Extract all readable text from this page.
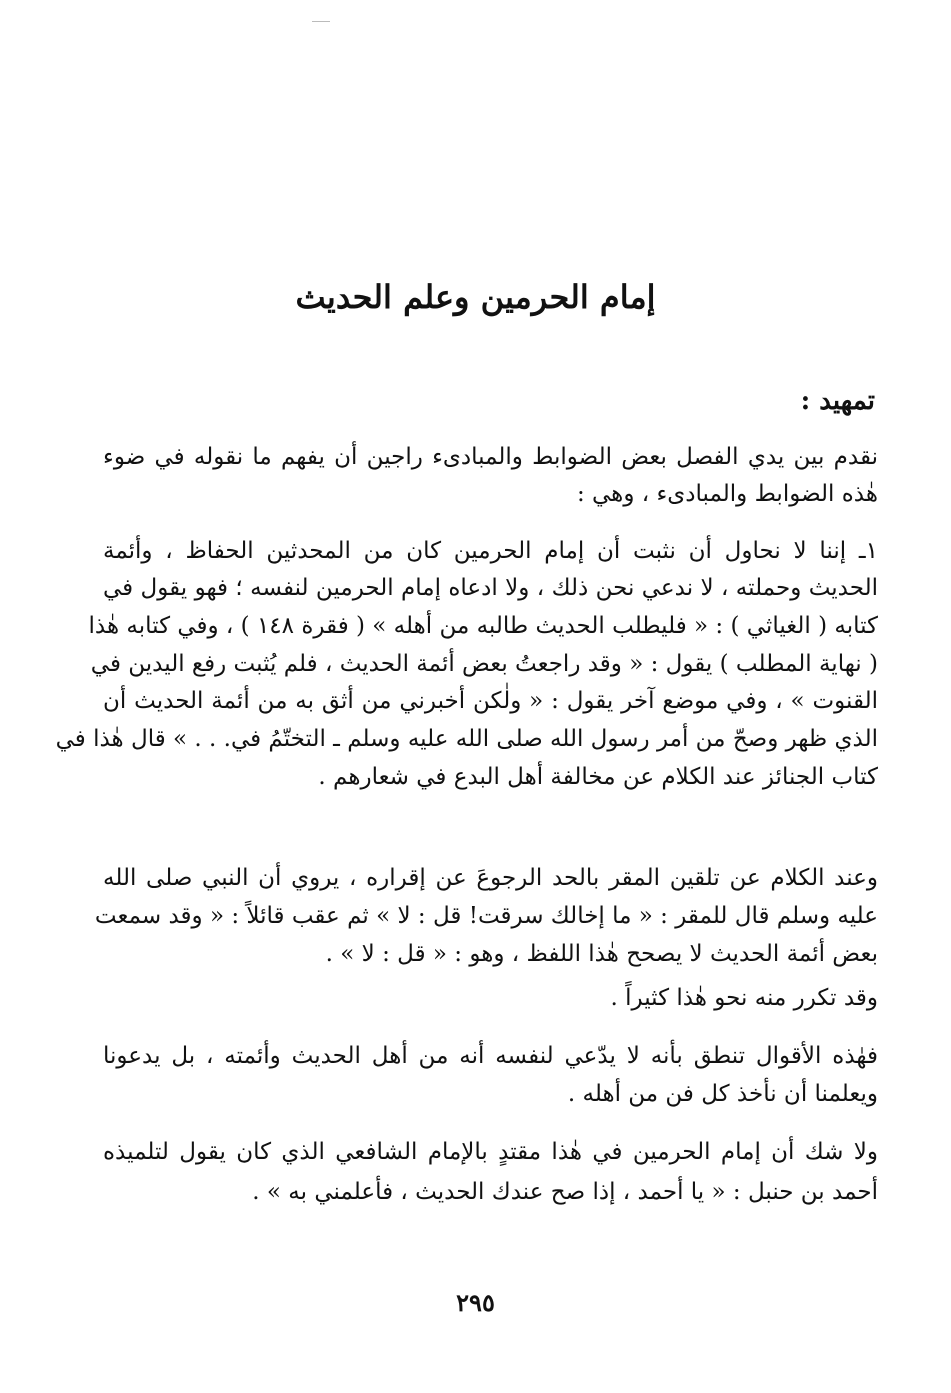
إمام الحرمين وعلم الحديث
تمهيد :
نقدم بين يدي الفصل بعض الضوابط والمبادىء راجين أن يفهم ما نقوله في ضوء
هٰذه الضوابط والمبادىء ، وهي :
١ـ إننا لا نحاول أن نثبت أن إمام الحرمين كان من المحدثين الحفاظ ، وأئمة
الحديث وحملته ، لا ندعي نحن ذلك ، ولا ادعاه إمام الحرمين لنفسه ؛ فهو يقول في
كتابه ( الغياثي ) : « فليطلب الحديث طالبه من أهله » ( فقرة ١٤٨ ) ، وفي كتابه هٰذا
( نهاية المطلب ) يقول : « وقد راجعتُ بعض أئمة الحديث ، فلم يُثبت رفع اليدين في
القنوت » ، وفي موضع آخر يقول : « ولٰكن أخبرني من أثق به من أئمة الحديث أن
الذي ظهر وصحّ من أمر رسول الله صلى الله عليه وسلم ـ التختّمُ في. . . » قال هٰذا في
كتاب الجنائز عند الكلام عن مخالفة أهل البدع في شعارهم .
وعند الكلام عن تلقين المقر بالحد الرجوعَ عن إقراره ، يروي أن النبي صلى الله
عليه وسلم قال للمقر : « ما إخالك سرقت! قل : لا » ثم عقب قائلاً : « وقد سمعت
بعض أئمة الحديث لا يصحح هٰذا اللفظ ، وهو : « قل : لا » .
وقد تكرر منه نحو هٰذا كثيراً .
فهٰذه الأقوال تنطق بأنه لا يدّعي لنفسه أنه من أهل الحديث وأئمته ، بل يدعونا
ويعلمنا أن نأخذ كل فن من أهله .
ولا شك أن إمام الحرمين في هٰذا مقتدٍ بالإمام الشافعي الذي كان يقول لتلميذه
أحمد بن حنبل : « يا أحمد ، إذا صح عندك الحديث ، فأعلمني به » .
٢٩٥
